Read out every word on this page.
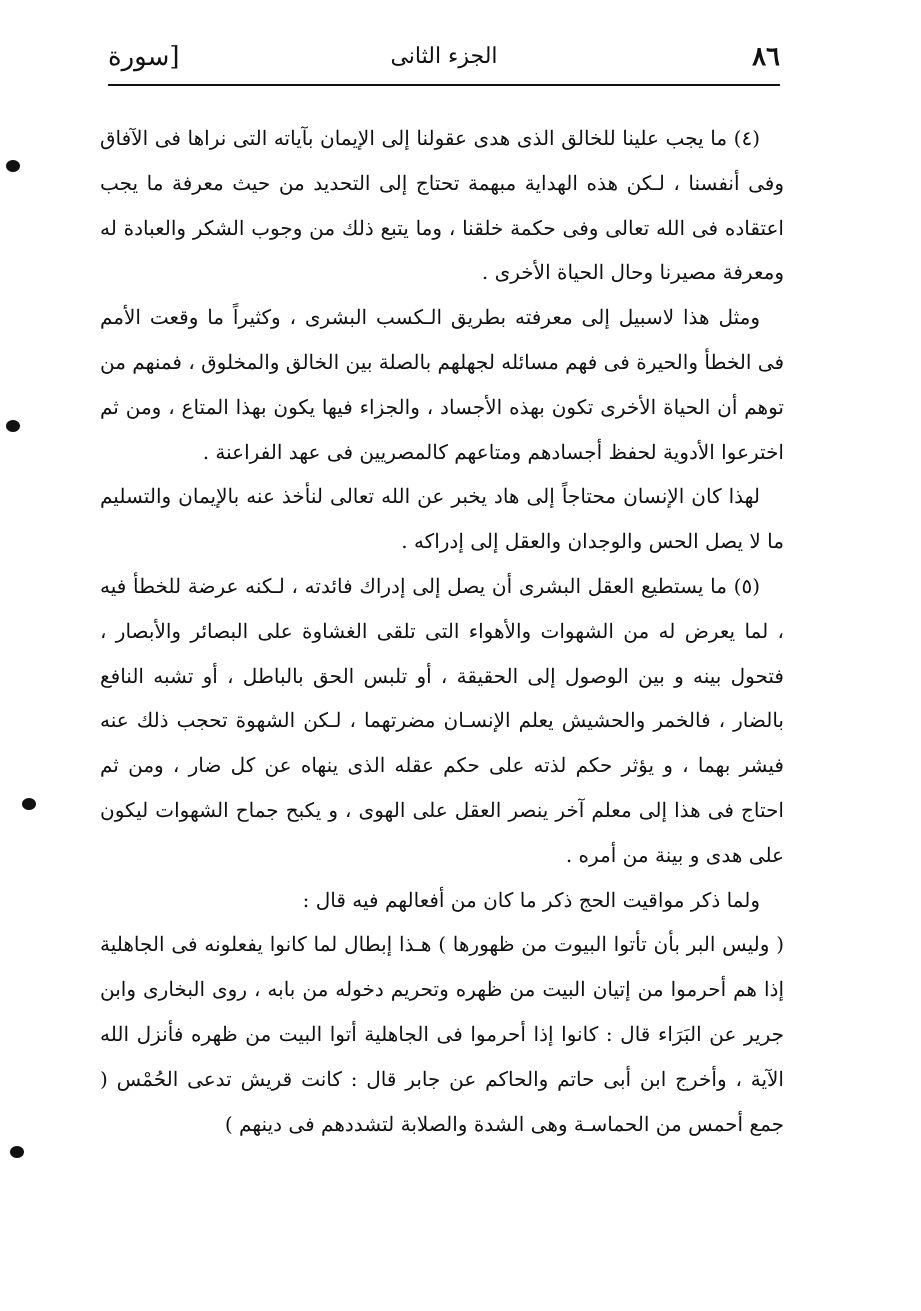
٨٦
الجزء الثانى
[سورة

(٤) ما يجب علينا للخالق الذى هدى عقولنا إلى الإيمان بآياته التى نراها فى الآفاق وفى أنفسنا ، لـكن هذه الهداية مبهمة تحتاج إلى التحديد من حيث معرفة ما يجب اعتقاده فى الله تعالى وفى حكمة خلقنا ، وما يتبع ذلك من وجوب الشكر والعبادة له ومعرفة مصيرنا وحال الحياة الأخرى .

ومثل هذا لاسبيل إلى معرفته بطريق الـكسب البشرى ، وكثيراً ما وقعت الأمم فى الخطأ والحيرة فى فهم مسائله لجهلهم بالصلة بين الخالق والمخلوق ، فمنهم من توهم أن الحياة الأخرى تكون بهذه الأجساد ، والجزاء فيها يكون بهذا المتاع ، ومن ثم اخترعوا الأدوية لحفظ أجسادهم ومتاعهم كالمصريين فى عهد الفراعنة .

لهذا كان الإنسان محتاجاً إلى هاد يخبر عن الله تعالى لنأخذ عنه بالإيمان والتسليم ما لا يصل الحس والوجدان والعقل إلى إدراكه .

(٥) ما يستطيع العقل البشرى أن يصل إلى إدراك فائدته ، لـكنه عرضة للخطأ فيه ، لما يعرض له من الشهوات والأهواء التى تلقى الغشاوة على البصائر والأبصار ، فتحول بينه و بين الوصول إلى الحقيقة ، أو تلبس الحق بالباطل ، أو تشبه النافع بالضار ، فالخمر والحشيش يعلم الإنسـان مضرتهما ، لـكن الشهوة تحجب ذلك عنه فيشر بهما ، و يؤثر حكم لذته على حكم عقله الذى ينهاه عن كل ضار ، ومن ثم احتاج فى هذا إلى معلم آخر ينصر العقل على الهوى ، و يكبح جماح الشهوات ليكون على هدى و بينة من أمره .

ولما ذكر مواقيت الحج ذكر ما كان من أفعالهم فيه قال :

( وليس البر بأن تأتوا البيوت من ظهورها ) هـذا إبطال لما كانوا يفعلونه فى الجاهلية إذا هم أحرموا من إتيان البيت من ظهره وتحريم دخوله من بابه ، روى البخارى وابن جرير عن البَرَاء قال : كانوا إذا أحرموا فى الجاهلية أتوا البيت من ظهره فأنزل الله الآية ، وأخرج ابن أبى حاتم والحاكم عن جابر قال : كانت قريش تدعى الحُمْس ( جمع أحمس من الحماسـة وهى الشدة والصلابة لتشددهم فى دينهم )
